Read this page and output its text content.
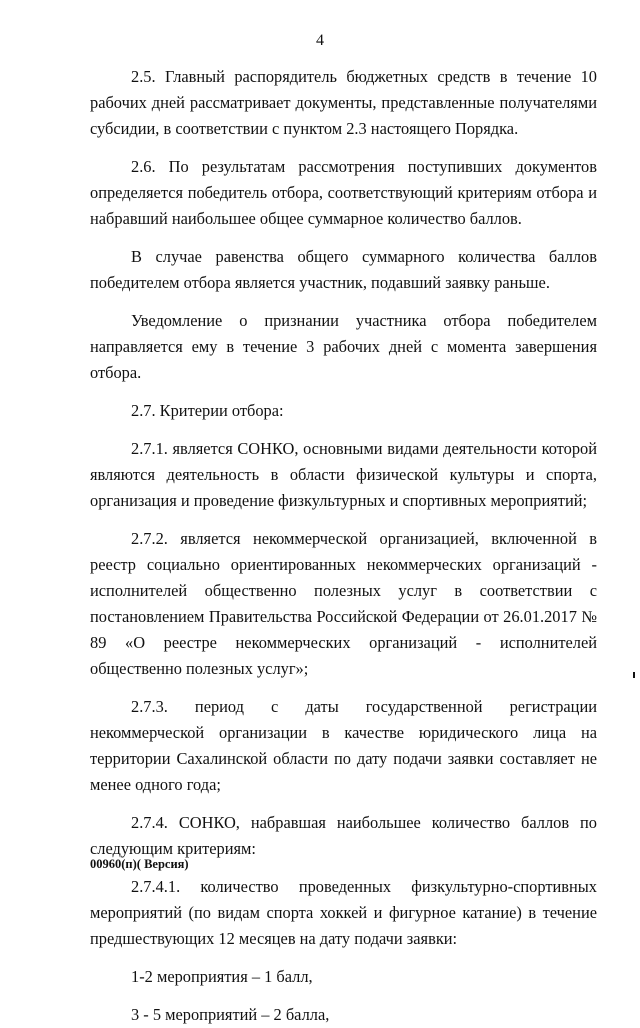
4

2.5. Главный распорядитель бюджетных средств в течение 10 рабочих дней рассматривает документы, представленные получателями субсидии, в соответствии с пунктом 2.3 настоящего Порядка.

2.6. По результатам рассмотрения поступивших документов определяется победитель отбора, соответствующий критериям отбора и набравший наибольшее общее суммарное количество баллов.

В случае равенства общего суммарного количества баллов победителем отбора является участник, подавший заявку раньше.

Уведомление о признании участника отбора победителем направляется ему в течение 3 рабочих дней с момента завершения отбора.

2.7. Критерии отбора:

2.7.1. является СОНКО, основными видами деятельности которой являются деятельность в области физической культуры и спорта, организация и проведение физкультурных и спортивных мероприятий;

2.7.2. является некоммерческой организацией, включенной в реестр социально ориентированных некоммерческих организаций - исполнителей общественно полезных услуг в соответствии с постановлением Правительства Российской Федерации от 26.01.2017 № 89 «О реестре некоммерческих организаций - исполнителей общественно полезных услуг»;

2.7.3. период с даты государственной регистрации некоммерческой организации в качестве юридического лица на территории Сахалинской области по дату подачи заявки составляет не менее одного года;

2.7.4. СОНКО, набравшая наибольшее количество баллов по следующим критериям:

2.7.4.1. количество проведенных физкультурно-спортивных мероприятий (по видам спорта хоккей и фигурное катание) в течение предшествующих 12 месяцев на дату подачи заявки:

1-2 мероприятия – 1 балл,

3 - 5 мероприятий – 2 балла,

00960(п)( Версия)
